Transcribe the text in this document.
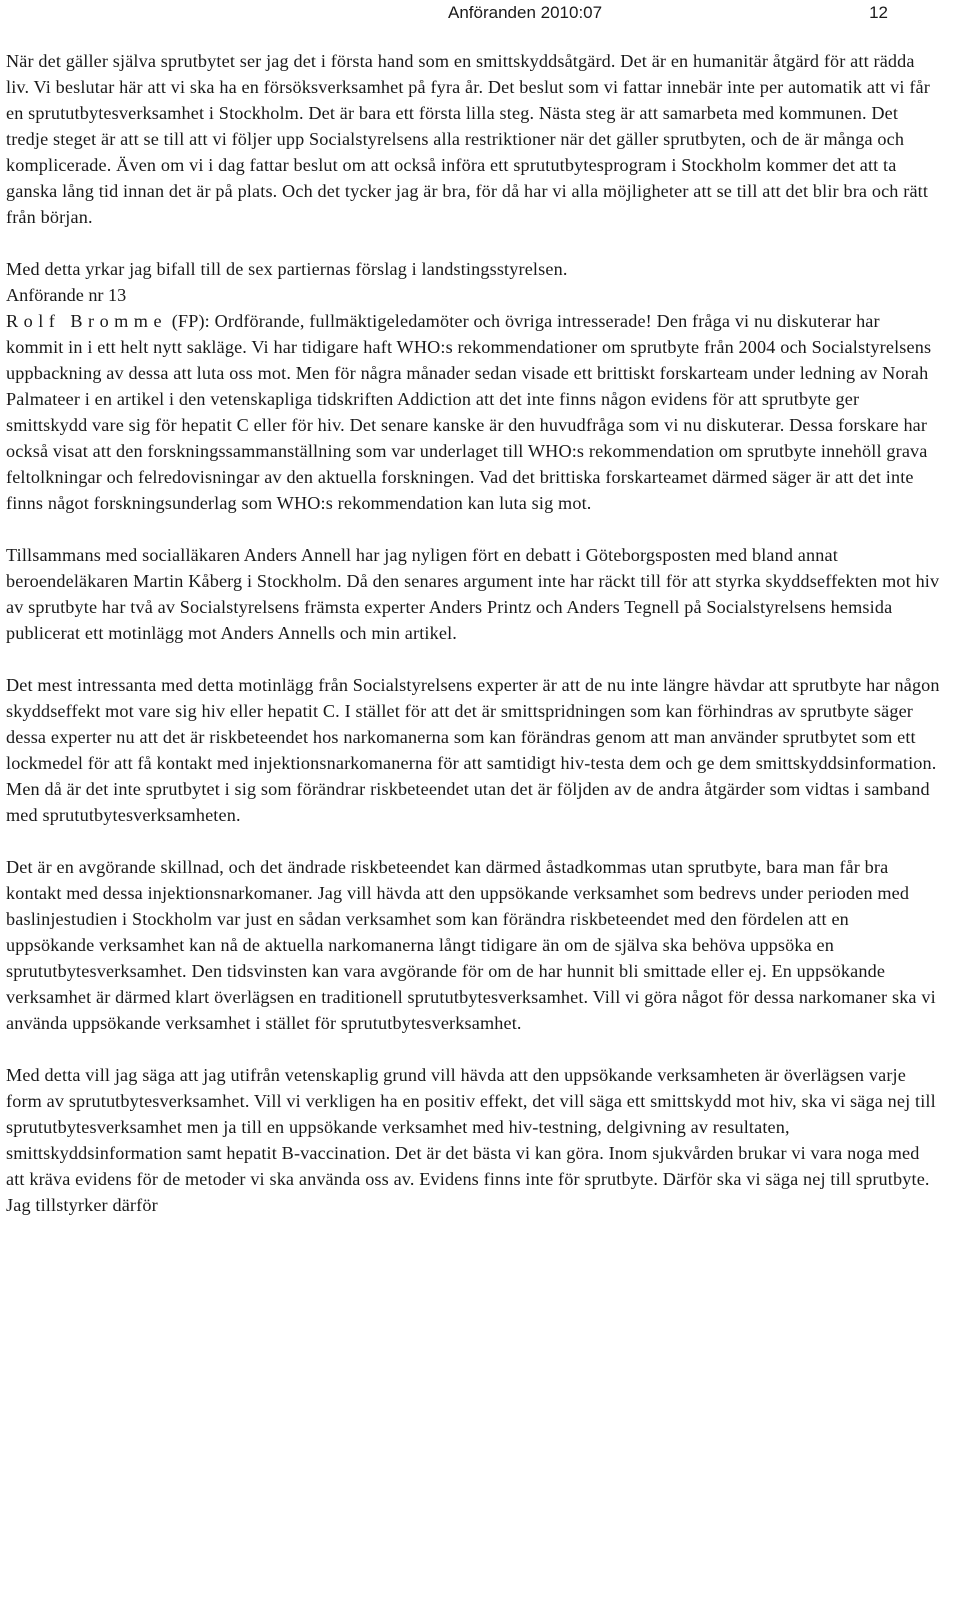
Anföranden 2010:07	12

När det gäller själva sprutbytet ser jag det i första hand som en smittskyddsåtgärd. Det är en humanitär åtgärd för att rädda liv. Vi beslutar här att vi ska ha en försöksverksamhet på fyra år. Det beslut som vi fattar innebär inte per automatik att vi får en sprututbytesverksamhet i Stockholm. Det är bara ett första lilla steg. Nästa steg är att samarbeta med kommunen. Det tredje steget är att se till att vi följer upp Socialstyrelsens alla restriktioner när det gäller sprutbyten, och de är många och komplicerade. Även om vi i dag fattar beslut om att också införa ett sprututbytesprogram i Stockholm kommer det att ta ganska lång tid innan det är på plats. Och det tycker jag är bra, för då har vi alla möjligheter att se till att det blir bra och rätt från början.

Med detta yrkar jag bifall till de sex partiernas förslag i landstingsstyrelsen.

Anförande nr 13

Rolf Bromme (FP): Ordförande, fullmäktigeledamöter och övriga intresserade! Den fråga vi nu diskuterar har kommit in i ett helt nytt sakläge. Vi har tidigare haft WHO:s rekommendationer om sprutbyte från 2004 och Socialstyrelsens uppbackning av dessa att luta oss mot. Men för några månader sedan visade ett brittiskt forskarteam under ledning av Norah Palmateer i en artikel i den vetenskapliga tidskriften Addiction att det inte finns någon evidens för att sprutbyte ger smittskydd vare sig för hepatit C eller för hiv. Det senare kanske är den huvudfråga som vi nu diskuterar. Dessa forskare har också visat att den forskningssammanställning som var underlaget till WHO:s rekommendation om sprutbyte innehöll grava feltolkningar och felredovisningar av den aktuella forskningen. Vad det brittiska forskarteamet därmed säger är att det inte finns något forskningsunderlag som WHO:s rekommendation kan luta sig mot.

Tillsammans med socialläkaren Anders Annell har jag nyligen fört en debatt i Göteborgsposten med bland annat beroendeläkaren Martin Kåberg i Stockholm. Då den senares argument inte har räckt till för att styrka skyddseffekten mot hiv av sprutbyte har två av Socialstyrelsens främsta experter Anders Printz och Anders Tegnell på Socialstyrelsens hemsida publicerat ett motinlägg mot Anders Annells och min artikel.

Det mest intressanta med detta motinlägg från Socialstyrelsens experter är att de nu inte längre hävdar att sprutbyte har någon skyddseffekt mot vare sig hiv eller hepatit C. I stället för att det är smittspridningen som kan förhindras av sprutbyte säger dessa experter nu att det är riskbeteendet hos narkomanerna som kan förändras genom att man använder sprutbytet som ett lockmedel för att få kontakt med injektionsnarkomanerna för att samtidigt hiv-testa dem och ge dem smittskyddsinformation. Men då är det inte sprutbytet i sig som förändrar riskbeteendet utan det är följden av de andra åtgärder som vidtas i samband med sprututbytesverksamheten.

Det är en avgörande skillnad, och det ändrade riskbeteendet kan därmed åstadkommas utan sprutbyte, bara man får bra kontakt med dessa injektionsnarkomaner. Jag vill hävda att den uppsökande verksamhet som bedrevs under perioden med baslinjestudien i Stockholm var just en sådan verksamhet som kan förändra riskbeteendet med den fördelen att en uppsökande verksamhet kan nå de aktuella narkomanerna långt tidigare än om de själva ska behöva uppsöka en sprututbytesverksamhet. Den tidsvinsten kan vara avgörande för om de har hunnit bli smittade eller ej. En uppsökande verksamhet är därmed klart överlägsen en traditionell sprututbytesverksamhet. Vill vi göra något för dessa narkomaner ska vi använda uppsökande verksamhet i stället för sprututbytesverksamhet.

Med detta vill jag säga att jag utifrån vetenskaplig grund vill hävda att den uppsökande verksamheten är överlägsen varje form av sprututbytesverksamhet. Vill vi verkligen ha en positiv effekt, det vill säga ett smittskydd mot hiv, ska vi säga nej till sprututbytesverksamhet men ja till en uppsökande verksamhet med hiv-testning, delgivning av resultaten, smittskyddsinformation samt hepatit B-vaccination. Det är det bästa vi kan göra. Inom sjukvården brukar vi vara noga med att kräva evidens för de metoder vi ska använda oss av. Evidens finns inte för sprutbyte. Därför ska vi säga nej till sprutbyte. Jag tillstyrker därför
